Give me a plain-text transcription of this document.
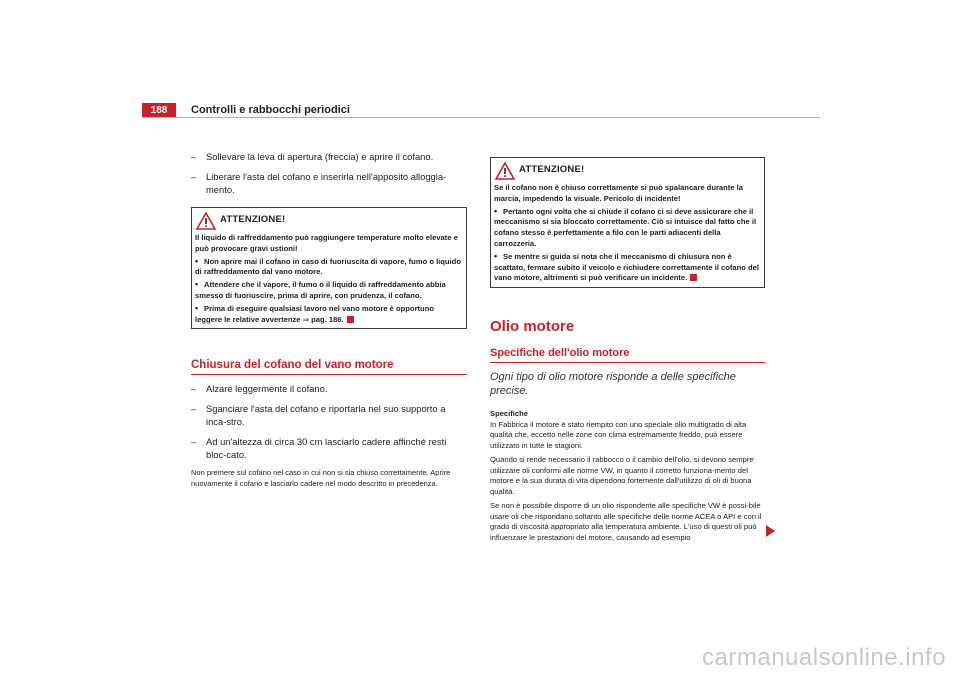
188	Controlli e rabbocchi periodici

– Sollevare la leva di apertura (freccia) e aprire il cofano.

– Liberare l'asta del cofano e inserirla nell'apposito alloggia-mento.

ATTENZIONE!

Il liquido di raffreddamento può raggiungere temperature molto elevate e può provocare gravi ustioni!

• Non aprire mai il cofano in caso di fuoriuscita di vapore, fumo o liquido di raffreddamento dal vano motore.

• Attendere che il vapore, il fumo o il liquido di raffreddamento abbia smesso di fuoriuscire, prima di aprire, con prudenza, il cofano.

• Prima di eseguire qualsiasi lavoro nel vano motore è opportuno leggere le relative avvertenze ⇒ pag. 186.

Chiusura del cofano del vano motore

– Alzare leggermente il cofano.

– Sganciare l'asta del cofano e riportarla nel suo supporto a inca-stro.

– Ad un'altezza di circa 30 cm lasciarlo cadere affinché resti bloc-cato.

Non premere sul cofano nel caso in cui non si sia chiuso correttamente. Aprire nuovamente il cofano e lasciarlo cadere nel modo descritto in precedenza.

ATTENZIONE!

Se il cofano non è chiuso correttamente si può spalancare durante la marcia, impedendo la visuale. Pericolo di incidente!

• Pertanto ogni volta che si chiude il cofano ci si deve assicurare che il meccanismo si sia bloccato correttamente. Ciò si intuisce dal fatto che il cofano stesso è perfettamente a filo con le parti adiacenti della carrozzeria.

• Se mentre si guida si nota che il meccanismo di chiusura non è scattato, fermare subito il veicolo e richiudere correttamente il cofano del vano motore, altrimenti si può verificare un incidente.

Olio motore
Specifiche dell'olio motore

Ogni tipo di olio motore risponde a delle specifiche precise.

Specifiche

In Fabbrica il motore è stato riempito con uno speciale olio multigrado di alta qualità che, eccetto nelle zone con clima estremamente freddo, può essere utilizzato in tutte le stagioni.

Quando si rende necessario il rabbocco o il cambio dell'olio, si devono sempre utilizzare oli conformi alle norme VW, in quanto il corretto funziona-mento del motore e la sua durata di vita dipendono fortemente dall'utilizzo di oli di buona qualità.

Se non è possibile disporre di un olio rispondente alle specifiche VW è possi-bile usare oli che rispondano soltanto alle specifiche delle norme ACEA o API e con il grado di viscosità appropriato alla temperatura ambiente. L'uso di questi oli può influenzare le prestazioni del motore, causando ad esempio

carmanualsonline.info
